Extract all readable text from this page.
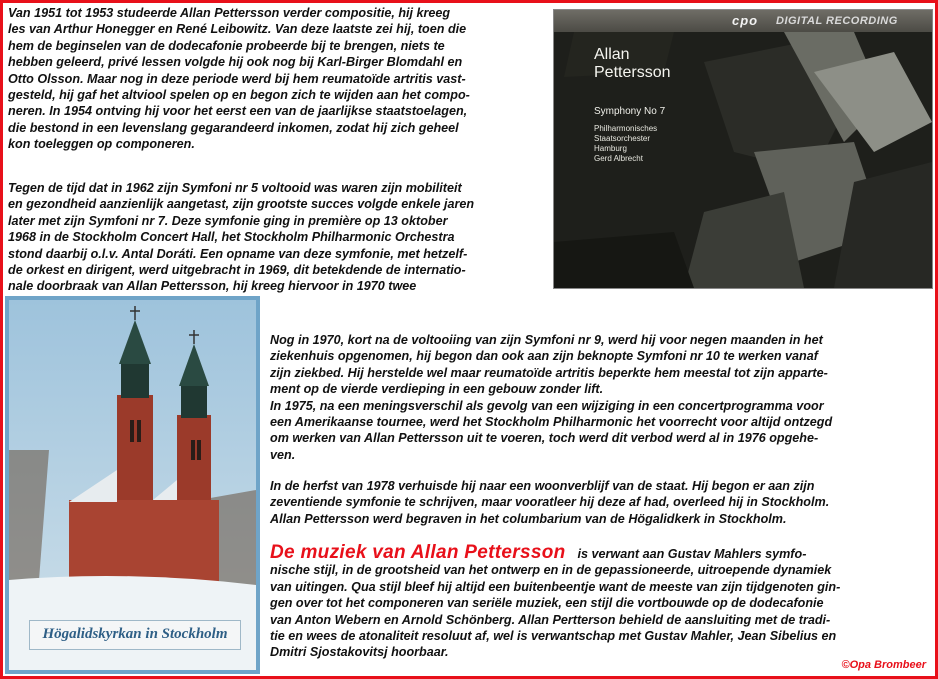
Van 1951 tot 1953 studeerde Allan Pettersson verder compositie, hij kreeg
les van Arthur Honegger en René Leibowitz. Van deze laatste zei hij, toen die
hem de beginselen van de dodecafonie probeerde bij te brengen, niets te
hebben geleerd, privé lessen volgde hij ook nog bij Karl-Birger Blomdahl en
Otto Olsson. Maar nog in deze periode werd bij hem reumatoïde artritis vast-
gesteld, hij gaf het altviool spelen op en begon zich te wijden aan het compo-
neren. In 1954 ontving hij voor het eerst een van de jaarlijkse staatstoelagen,
die bestond in een levenslang gegarandeerd inkomen, zodat hij zich geheel
kon toeleggen op componeren.

Tegen de tijd dat in 1962 zijn Symfoni nr 5 voltooid was waren zijn mobiliteit
en gezondheid aanzienlijk aangetast, zijn grootste succes volgde enkele jaren
later met zijn Symfoni nr 7. Deze symfonie ging in première op 13 oktober
1968 in de Stockholm Concert Hall, het Stockholm Philharmonic Orchestra
stond daarbij o.l.v. Antal Doráti. Een opname van deze symfonie, met hetzelf-
de orkest en dirigent, werd uitgebracht in 1969, dit betekdende de internatio-
nale doorbraak van Allan Pettersson, hij kreeg hiervoor in 1970 twee

Nog in 1970, kort na de voltooiing van zijn Symfoni nr 9, werd hij voor negen maanden in het
ziekenhuis opgenomen, hij begon dan ook aan zijn beknopte Symfoni nr 10 te werken vanaf
zijn ziekbed. Hij herstelde wel maar reumatoïde artritis beperkte hem meestal tot zijn apparte-
ment op de vierde verdieping in een gebouw zonder lift.
In 1975, na een meningsverschil als gevolg van een wijziging in een concertprogramma voor
een Amerikaanse tournee, werd het Stockholm Philharmonic het voorrecht voor altijd ontzegd
om werken van Allan Pettersson uit te voeren, toch werd dit verbod werd al in 1976 opgehe-
ven.

In de herfst van 1978 verhuisde hij naar een woonverblijf van de staat. Hij begon er aan zijn
zeventiende symfonie te schrijven, maar vooratleer hij deze af had, overleed hij in Stockholm.
Allan Pettersson werd begraven in het columbarium van de Högalidkerk in Stockholm.

De muziek van Allan Pettersson is verwant aan Gustav Mahlers symfo-
nische stijl, in de grootsheid van het ontwerp en in de gepassioneerde, uitroepende dynamiek
van uitingen. Qua stijl bleef hij altijd een buitenbeentje want de meeste van zijn tijdgenoten gin-
gen over tot het componeren van seriële muziek, een stijl die vortbouwde op de dodecafonie
van Anton Webern en Arnold Schönberg. Allan Pertterson behield de aansluiting met de tradi-
tie en wees de atonaliteit resoluut af, wel is verwantschap met Gustav Mahler, Jean Sibelius en
Dmitri Sjostakovitsj hoorbaar.

cpo DIGITAL RECORDING
Allan
Pettersson
Symphony No 7
Philharmonisches
Staatsorchester
Hamburg
Gerd Albrecht
Högalidskyrkan in Stockholm
©Opa Brombeer
